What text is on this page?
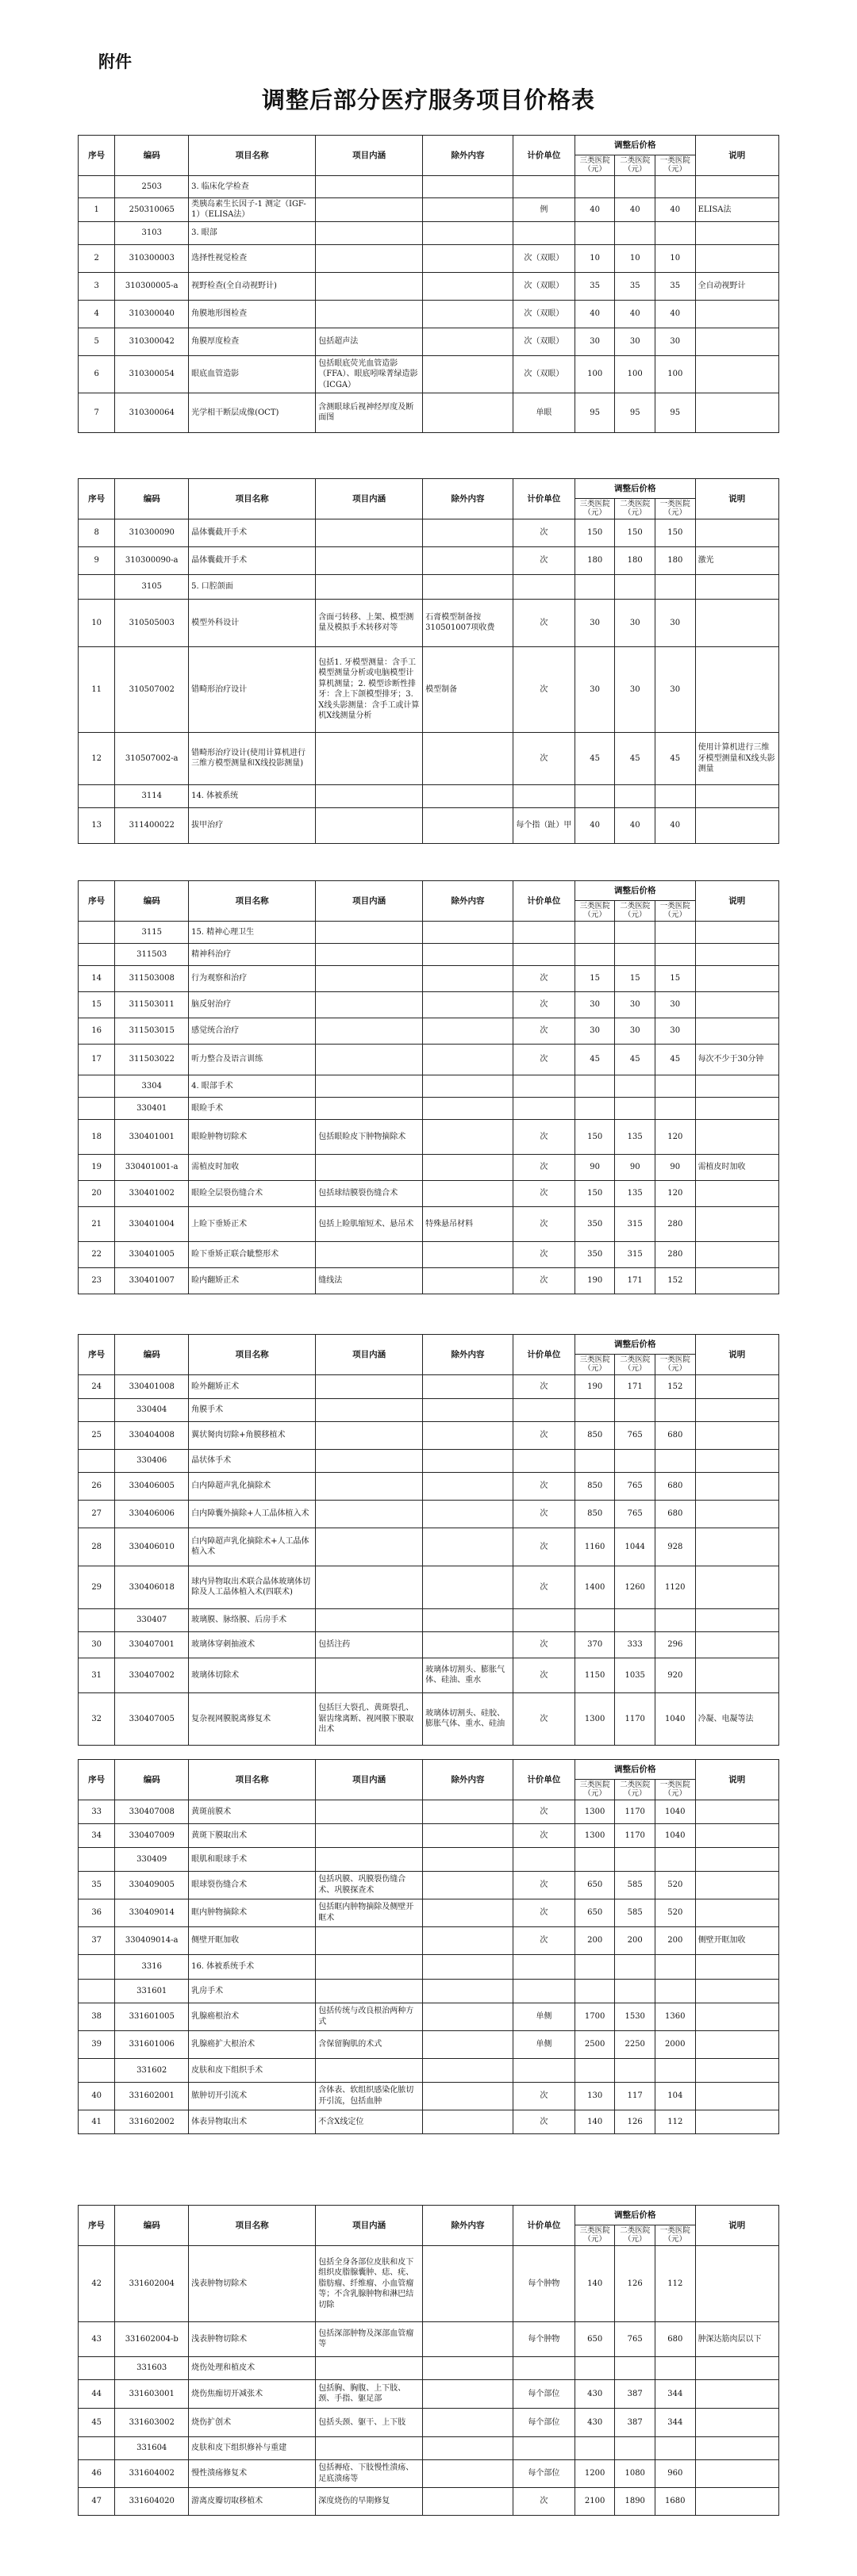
附件
调整后部分医疗服务项目价格表
序号	编码	项目名称	项目内涵	除外内容	计价单位	调整后价格			说明
						三类医院（元）	二类医院（元）	一类医院（元）	
	2503	3. 临床化学检查							
1	250310065	类胰岛素生长因子-1 测定（IGF-1）（ELISA法）			例	40	40	40	ELISA法
	3103	3. 眼部							
2	310300003	选择性视觉检查			次（双眼）	10	10	10	
3	310300005-a	视野检查(全自动视野计)			次（双眼）	35	35	35	全自动视野计
4	310300040	角膜地形图检查			次（双眼）	40	40	40	
5	310300042	角膜厚度检查	包括超声法		次（双眼）	30	30	30	
6	310300054	眼底血管造影	包括眼底荧光血管造影（FFA）、眼底吲哚菁绿造影（ICGA）		次（双眼）	100	100	100	
7	310300064	光学相干断层成像(OCT)	含测眼球后视神经厚度及断面图		单眼	95	95	95	
序号	编码	项目名称	项目内涵	除外内容	计价单位	调整后价格			说明
						三类医院（元）	二类医院（元）	一类医院（元）	
8	310300090	晶体囊截开手术			次	150	150	150	
9	310300090-a	晶体囊截开手术			次	180	180	180	激光
	3105	5. 口腔颌面							
10	310505003	模型外科设计	含面弓转移、上架、模型测量及模拟手术转移对等	石膏模型制备按310501007项收费	次	30	30	30	
11	310507002	错畸形治疗设计	包括1. 牙模型测量：含手工模型测量分析或电脑模型计算机测量；2. 模型诊断性排牙：含上下颌模型排牙；3. X线头影测量：含手工或计算机X线测量分析	模型制备	次	30	30	30	
12	310507002-a	错畸形治疗设计(使用计算机进行三维方模型测量和X线投影测量)			次	45	45	45	使用计算机进行三维牙模型测量和X线头影测量
	3114	14. 体被系统							
13	311400022	拔甲治疗			每个指（趾）甲	40	40	40	
序号	编码	项目名称	项目内涵	除外内容	计价单位	调整后价格			说明
						三类医院（元）	二类医院（元）	一类医院（元）	
	3115	15. 精神心理卫生							
	311503	精神科治疗							
14	311503008	行为观察和治疗			次	15	15	15	
15	311503011	脑反射治疗			次	30	30	30	
16	311503015	感觉统合治疗			次	30	30	30	
17	311503022	听力整合及语言训练			次	45	45	45	每次不少于30分钟
	3304	4. 眼部手术							
	330401	眼睑手术							
18	330401001	眼睑肿物切除术	包括眼睑皮下肿物摘除术		次	150	135	120	
19	330401001-a	需植皮时加收			次	90	90	90	需植皮时加收
20	330401002	眼睑全层裂伤缝合术	包括球结膜裂伤缝合术		次	150	135	120	
21	330401004	上睑下垂矫正术	包括上睑肌缩短术、悬吊术	特殊悬吊材料	次	350	315	280	
22	330401005	睑下垂矫正联合眦整形术			次	350	315	280	
23	330401007	睑内翻矫正术	缝线法		次	190	171	152	
序号	编码	项目名称	项目内涵	除外内容	计价单位	调整后价格			说明
						三类医院（元）	二类医院（元）	一类医院（元）	
24	330401008	睑外翻矫正术			次	190	171	152	
	330404	角膜手术							
25	330404008	翼状胬肉切除+角膜移植术			次	850	765	680	
	330406	晶状体手术							
26	330406005	白内障超声乳化摘除术			次	850	765	680	
27	330406006	白内障囊外摘除+人工晶体植入术			次	850	765	680	
28	330406010	白内障超声乳化摘除术+人工晶体植入术			次	1160	1044	928	
29	330406018	球内异物取出术联合晶体玻璃体切除及人工晶体植入术(四联术)			次	1400	1260	1120	
	330407	玻璃膜、脉络膜、后房手术							
30	330407001	玻璃体穿刺抽液术	包括注药		次	370	333	296	
31	330407002	玻璃体切除术		玻璃体切割头、膨胀气体、硅油、重水	次	1150	1035	920	
32	330407005	复杂视网膜脱离修复术	包括巨大裂孔、黄斑裂孔、锯齿缘离断、视网膜下膜取出术	玻璃体切割头、硅胶、膨胀气体、重水、硅油	次	1300	1170	1040	冷凝、电凝等法
序号	编码	项目名称	项目内涵	除外内容	计价单位	调整后价格			说明
						三类医院（元）	二类医院（元）	一类医院（元）	
33	330407008	黄斑前膜术			次	1300	1170	1040	
34	330407009	黄斑下膜取出术			次	1300	1170	1040	
	330409	眼肌和眼球手术							
35	330409005	眼球裂伤缝合术	包括巩膜、巩膜裂伤缝合术、巩膜探查术		次	650	585	520	
36	330409014	眶内肿物摘除术	包括眶内肿物摘除及侧壁开眶术		次	650	585	520	
37	330409014-a	侧壁开眶加收			次	200	200	200	侧壁开眶加收
	3316	16. 体被系统手术							
	331601	乳房手术							
38	331601005	乳腺癌根治术	包括传统与改良根治两种方式		单侧	1700	1530	1360	
39	331601006	乳腺癌扩大根治术	含保留胸肌的术式		单侧	2500	2250	2000	
	331602	皮肤和皮下组织手术							
40	331602001	脓肿切开引流术	含体表、软组织感染化脓切开引流，包括血肿		次	130	117	104	
41	331602002	体表异物取出术	不含X线定位		次	140	126	112	
序号	编码	项目名称	项目内涵	除外内容	计价单位	调整后价格			说明
						三类医院（元）	二类医院（元）	一类医院（元）	
42	331602004	浅表肿物切除术	包括全身各部位皮肤和皮下组织皮脂腺囊肿、痣、疣、脂肪瘤、纤维瘤、小血管瘤等；不含乳腺肿物和淋巴结切除		每个肿物	140	126	112	
43	331602004-b	浅表肿物切除术	包括深部肿物及深部血管瘤等		每个肿物	650	765	680	肿深达筋肉层以下
	331603	烧伤处理和植皮术							
44	331603001	烧伤焦痂切开减张术	包括胸、胸腹、上下肢、颈、手指、躯足部		每个部位	430	387	344	
45	331603002	烧伤扩创术	包括头颈、躯干、上下肢		每个部位	430	387	344	
	331604	皮肤和皮下组织修补与重建							
46	331604002	慢性溃疡修复术	包括褥疮、下肢慢性溃疡、足底溃疡等		每个部位	1200	1080	960	
47	331604020	游离皮瓣切取移植术	深度烧伤的早期修复		次	2100	1890	1680	
